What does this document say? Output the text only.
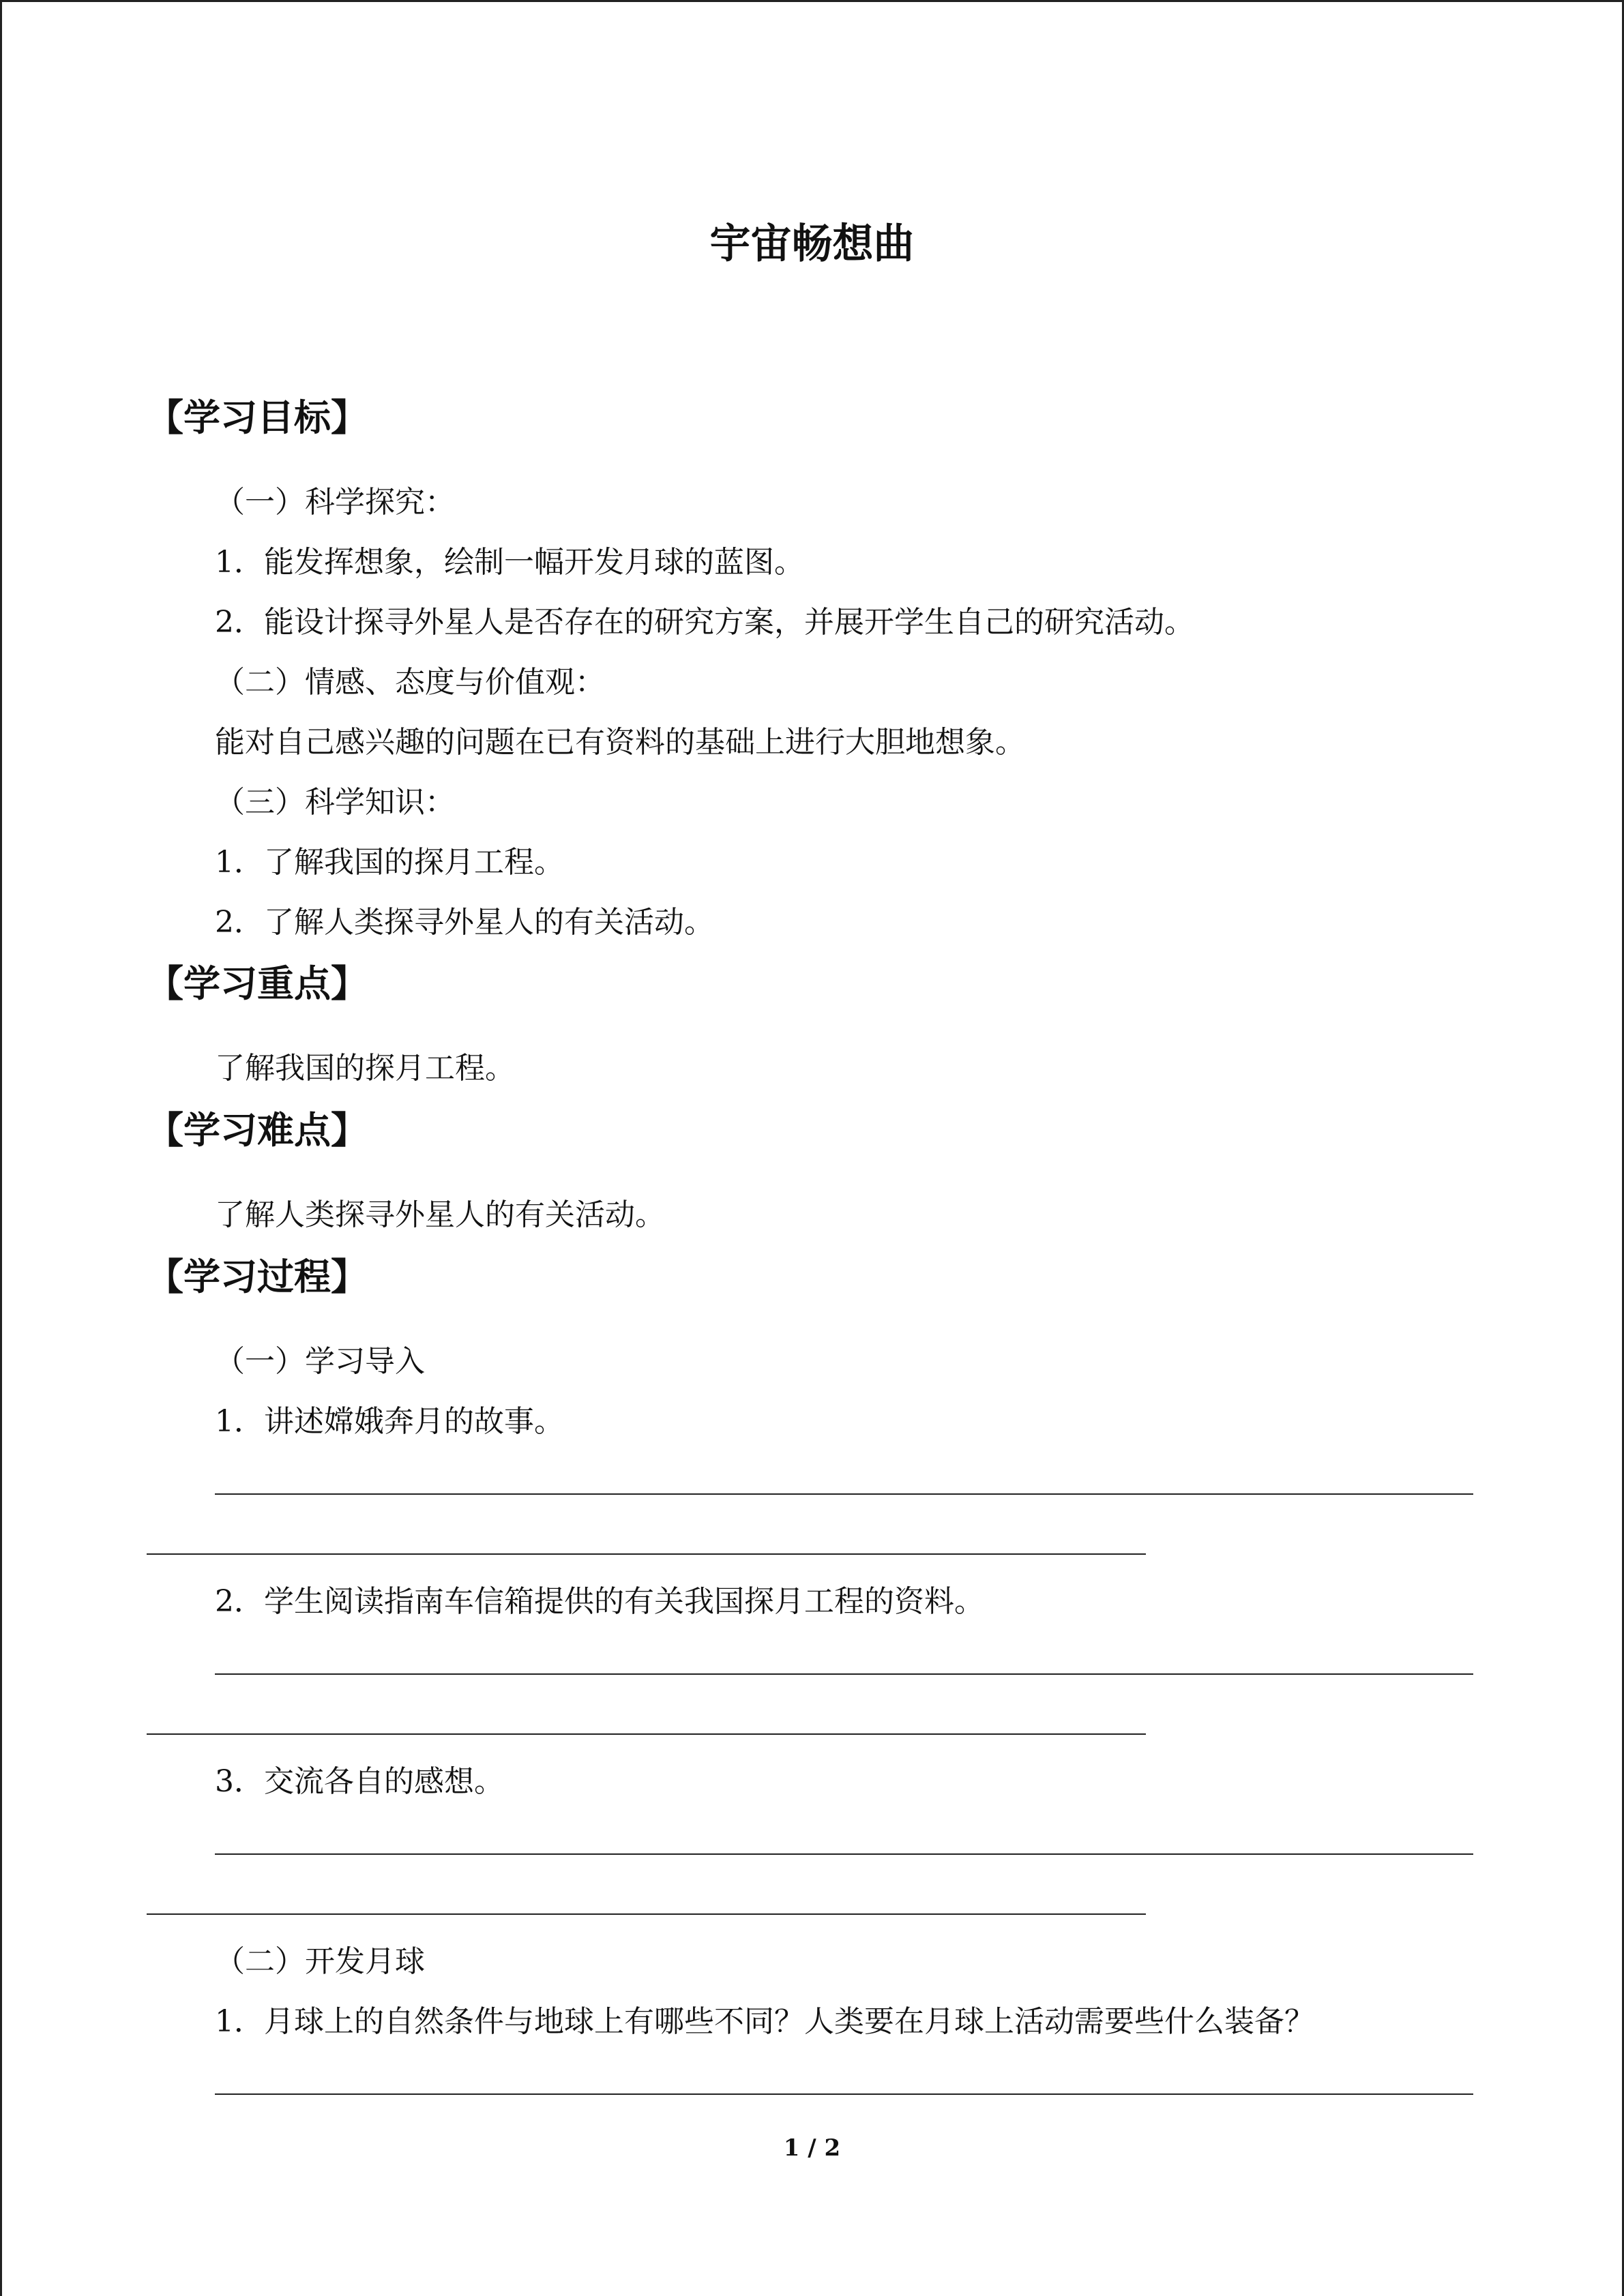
宇宙畅想曲
【学习目标】
（一）科学探究：
1．能发挥想象，绘制一幅开发月球的蓝图。
2．能设计探寻外星人是否存在的研究方案，并展开学生自己的研究活动。
（二）情感、态度与价值观：
能对自己感兴趣的问题在已有资料的基础上进行大胆地想象。
（三）科学知识：
1．了解我国的探月工程。
2．了解人类探寻外星人的有关活动。
【学习重点】
了解我国的探月工程。
【学习难点】
了解人类探寻外星人的有关活动。
【学习过程】
（一）学习导入
1．讲述嫦娥奔月的故事。
2．学生阅读指南车信箱提供的有关我国探月工程的资料。
3．交流各自的感想。
（二）开发月球
1．月球上的自然条件与地球上有哪些不同？人类要在月球上活动需要些什么装备？
1 / 2
